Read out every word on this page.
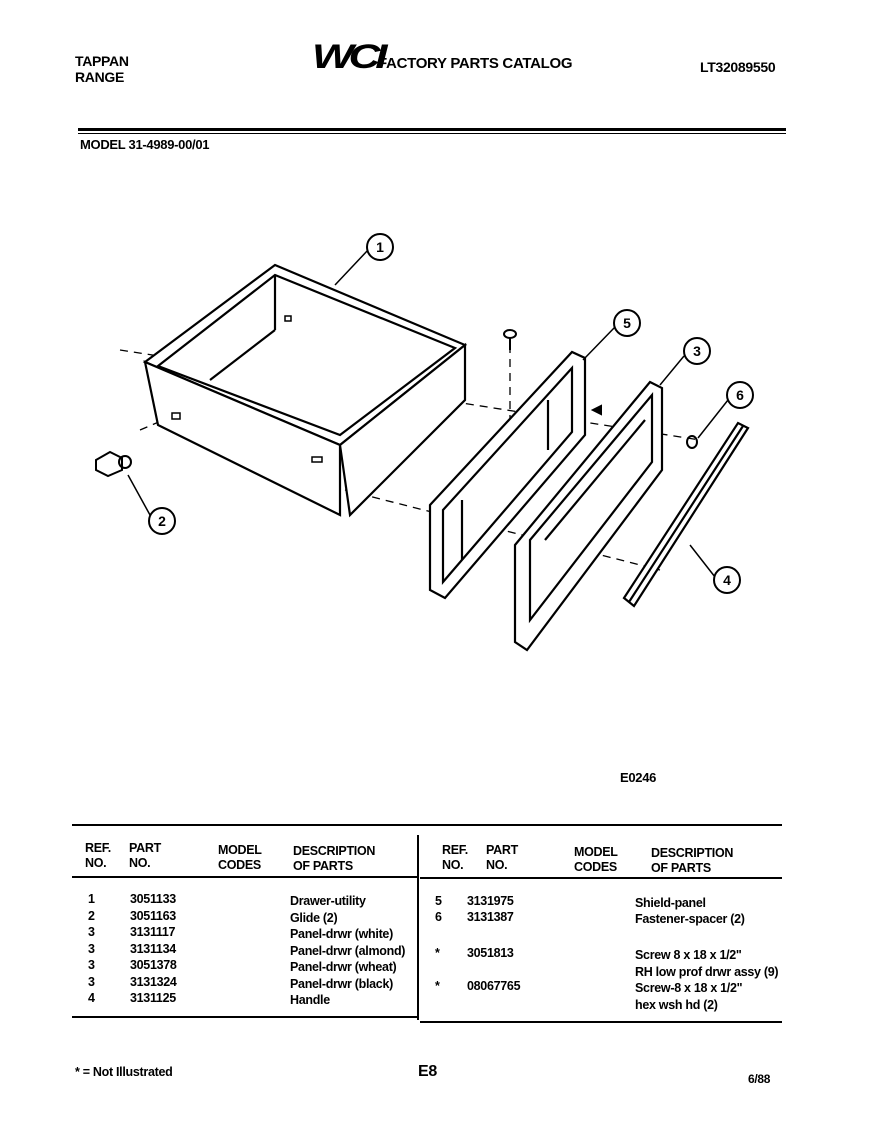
TAPPAN
RANGE
WCI
FACTORY PARTS CATALOG	LT32089550
MODEL 31-4989-00/01
1
2
3
4
5
6
E0246
REF.
NO.
PART
NO.
MODEL
CODES
DESCRIPTION
OF PARTS
REF.
NO.
PART
NO.
MODEL
CODES
DESCRIPTION
OF PARTS
1	3051133	Drawer-utility
2	3051163	Glide (2)
3	3131117	Panel-drwr (white)
3	3131134	Panel-drwr (almond)
3	3051378	Panel-drwr (wheat)
3	3131324	Panel-drwr (black)
4	3131125	Handle
5 3131975	Shield-panel
6 3131387	Fastener-spacer (2)
* 3051813	Screw 8 x 18 x 1/2"
RH low prof drwr assy (9)
* 08067765	Screw-8 x 18 x 1/2"
hex wsh hd (2)
* = Not Illustrated	E8	6/88
